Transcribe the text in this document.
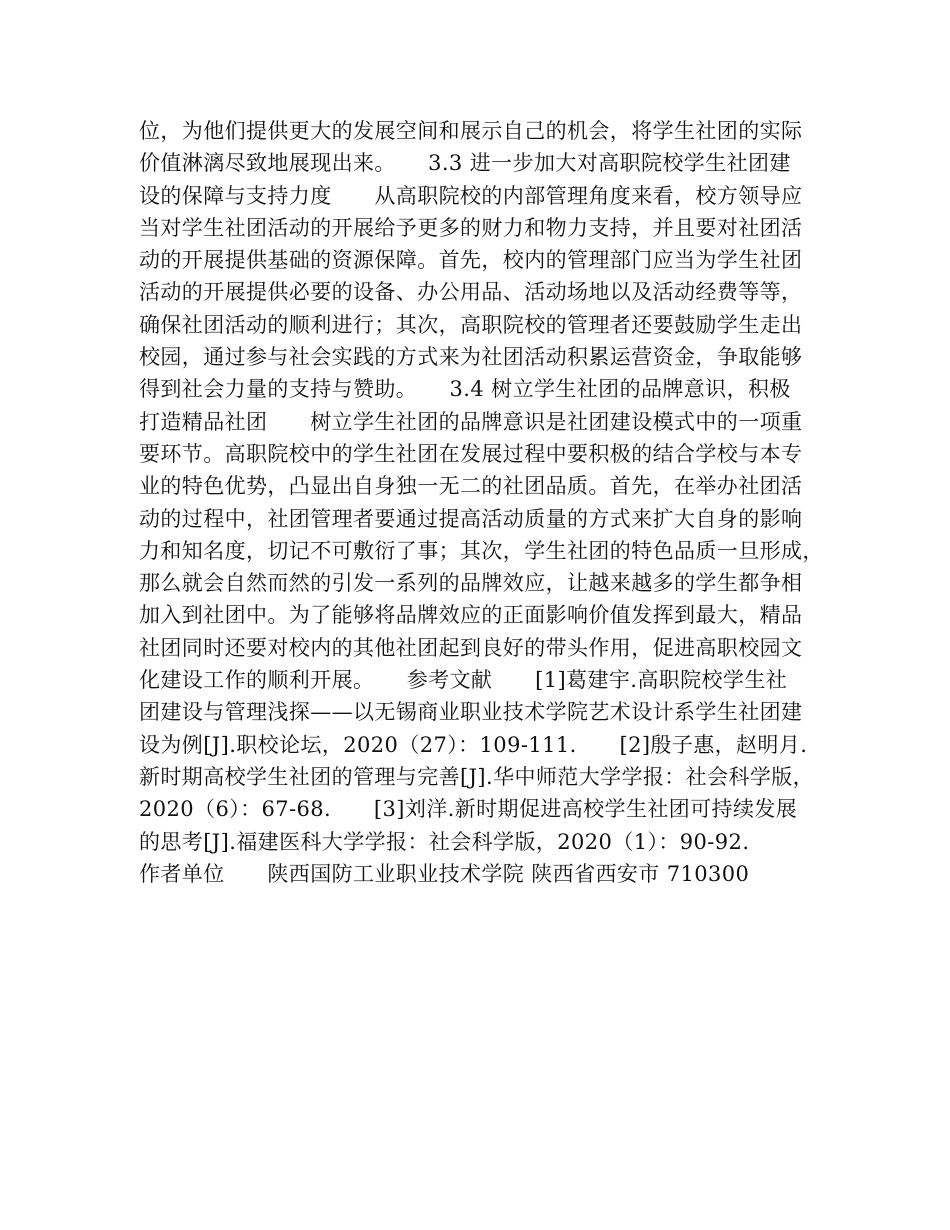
位，为他们提供更大的发展空间和展示自己的机会，将学生社团的实际
价值淋漓尽致地展现出来。　　3.3 进一步加大对高职院校学生社团建
设的保障与支持力度　　从高职院校的内部管理角度来看，校方领导应
当对学生社团活动的开展给予更多的财力和物力支持，并且要对社团活
动的开展提供基础的资源保障。首先，校内的管理部门应当为学生社团
活动的开展提供必要的设备、办公用品、活动场地以及活动经费等等，
确保社团活动的顺利进行；其次，高职院校的管理者还要鼓励学生走出
校园，通过参与社会实践的方式来为社团活动积累运营资金，争取能够
得到社会力量的支持与赞助。　　3.4 树立学生社团的品牌意识，积极
打造精品社团　　树立学生社团的品牌意识是社团建设模式中的一项重
要环节。高职院校中的学生社团在发展过程中要积极的结合学校与本专
业的特色优势，凸显出自身独一无二的社团品质。首先，在举办社团活
动的过程中，社团管理者要通过提高活动质量的方式来扩大自身的影响
力和知名度，切记不可敷衍了事；其次，学生社团的特色品质一旦形成，
那么就会自然而然的引发一系列的品牌效应，让越来越多的学生都争相
加入到社团中。为了能够将品牌效应的正面影响价值发挥到最大，精品
社团同时还要对校内的其他社团起到良好的带头作用，促进高职校园文
化建设工作的顺利开展。　　参考文献　　[1]葛建宇.高职院校学生社
团建设与管理浅探——以无锡商业职业技术学院艺术设计系学生社团建
设为例[J].职校论坛，2020（27）：109-111.　　[2]殷子惠，赵明月.
新时期高校学生社团的管理与完善[J].华中师范大学学报：社会科学版，
2020（6）：67-68.　　[3]刘洋.新时期促进高校学生社团可持续发展
的思考[J].福建医科大学学报：社会科学版，2020（1）：90-92.
作者单位　　陕西国防工业职业技术学院 陕西省西安市 710300
